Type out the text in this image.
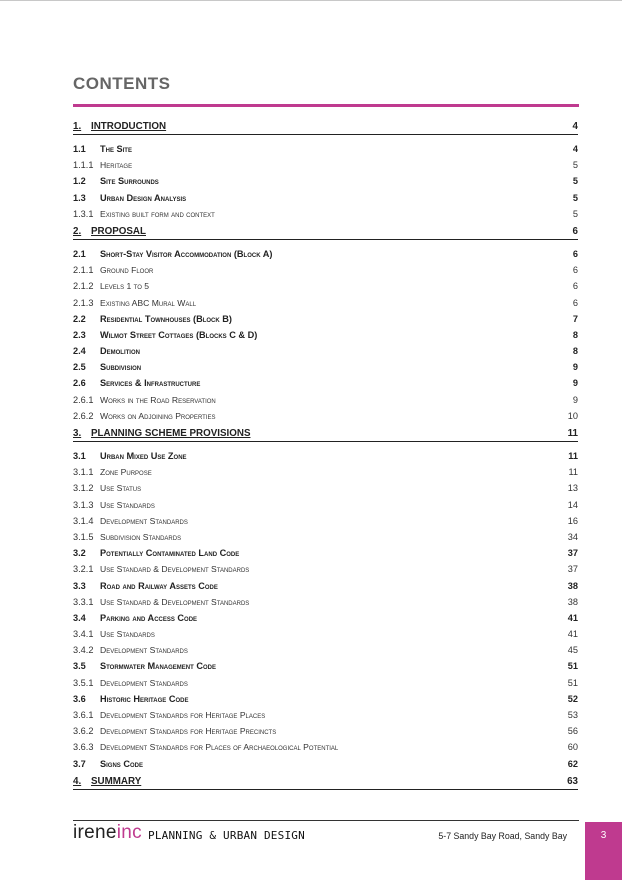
CONTENTS
1.	INTRODUCTION	4
1.1	The Site	4
1.1.1 Heritage	5
1.2	Site Surrounds	5
1.3	Urban Design Analysis	5
1.3.1 Existing built form and context	5
2.	PROPOSAL	6
2.1	Short-Stay Visitor Accommodation (Block A)	6
2.1.1 Ground Floor	6
2.1.2 Levels 1 to 5	6
2.1.3 Existing ABC Mural Wall	6
2.2	Residential Townhouses (Block B)	7
2.3	Wilmot Street Cottages (Blocks C & D)	8
2.4	Demolition	8
2.5	Subdivision	9
2.6	Services & Infrastructure	9
2.6.1 Works in the Road Reservation	9
2.6.2 Works on Adjoining Properties	10
3.	PLANNING SCHEME PROVISIONS	11
3.1	Urban Mixed Use Zone	11
3.1.1 Zone Purpose	11
3.1.2 Use Status	13
3.1.3 Use Standards	14
3.1.4 Development Standards	16
3.1.5 Subdivision Standards	34
3.2	Potentially Contaminated Land Code	37
3.2.1 Use Standard & Development Standards	37
3.3	Road and Railway Assets Code	38
3.3.1 Use Standard & Development Standards	38
3.4	Parking and Access Code	41
3.4.1 Use Standards	41
3.4.2 Development Standards	45
3.5	Stormwater Management Code	51
3.5.1 Development Standards	51
3.6	Historic Heritage Code	52
3.6.1 Development Standards for Heritage Places	53
3.6.2 Development Standards for Heritage Precincts	56
3.6.3 Development Standards for Places of Archaeological Potential	60
3.7	Signs Code	62
4.	SUMMARY	63
ireneinc PLANNING & URBAN DESIGN	5-7 Sandy Bay Road, Sandy Bay	3
